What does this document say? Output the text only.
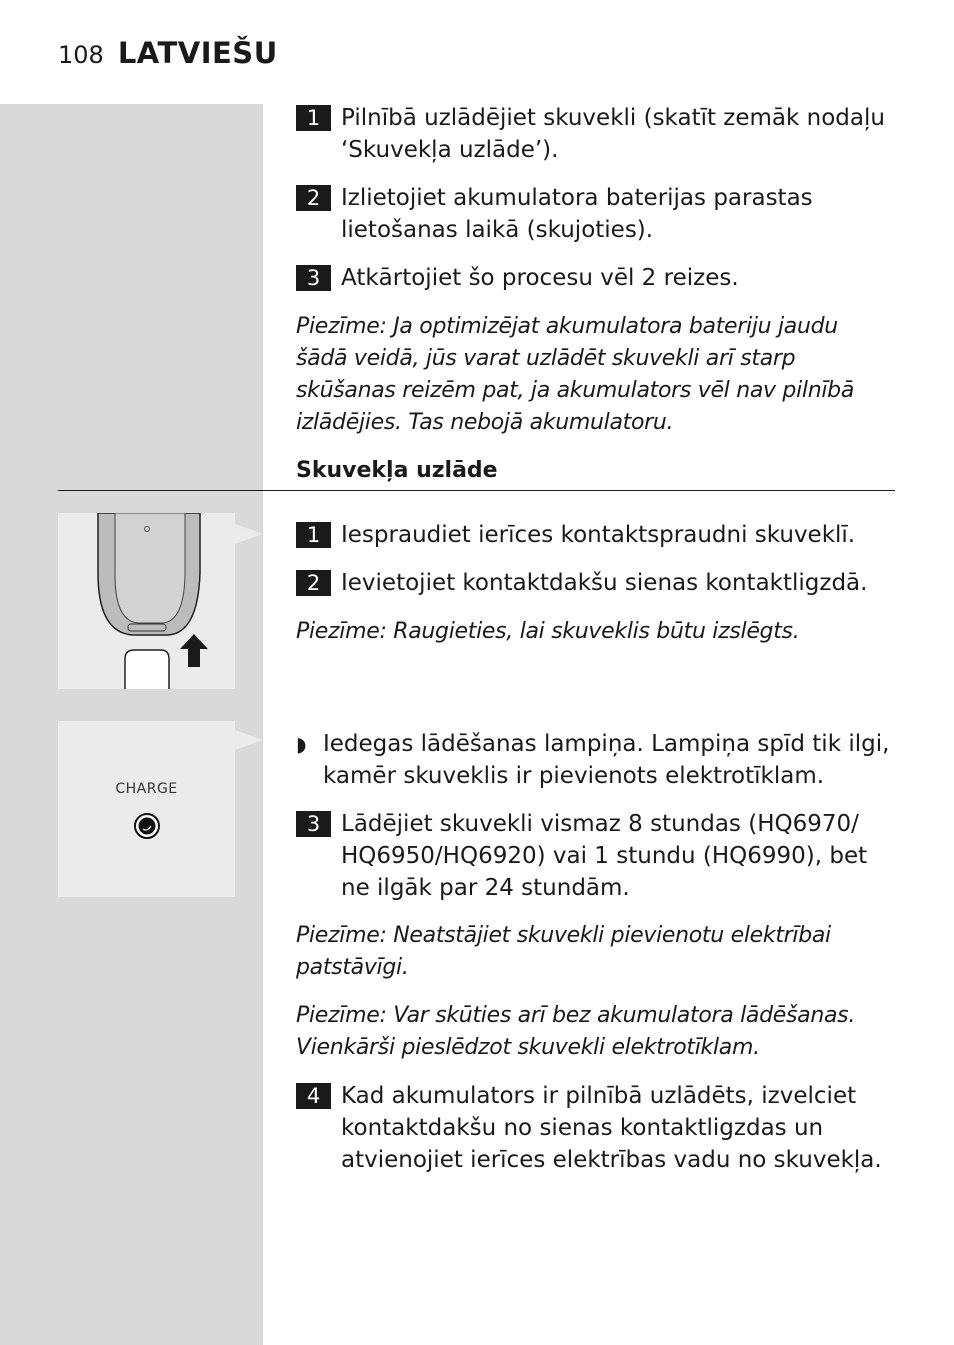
108 LATVIEŠU
1 Pilnībā uzlādējiet skuvekli (skatīt zemāk nodaļu ‘Skuvekļa uzlāde’).
2 Izlietojiet akumulatora baterijas parastas lietošanas laikā (skujoties).
3 Atkārtojiet šo procesu vēl 2 reizes.
Piezīme: Ja optimizējat akumulatora bateriju jaudu šādā veidā, jūs varat uzlādēt skuvekli arī starp skūšanas reizēm pat, ja akumulators vēl nav pilnībā izlādējies. Tas nebojā akumulatoru.
Skuvekļa uzlāde
1 Iespraudiet ierīces kontaktspraudni skuveklī.
2 Ievietojiet kontaktdakšu sienas kontaktligzdā.
Piezīme: Raugieties, lai skuveklis būtu izslēgts.
CHARGE
◗ Iedegas lādēšanas lampiņa. Lampiņa spīd tik ilgi, kamēr skuveklis ir pievienots elektrotīklam.
3 Lādējiet skuvekli vismaz 8 stundas (HQ6970/ HQ6950/HQ6920) vai 1 stundu (HQ6990), bet ne ilgāk par 24 stundām.
Piezīme: Neatstājiet skuvekli pievienotu elektrībai patstāvīgi.
Piezīme: Var skūties arī bez akumulatora lādēšanas. Vienkārši pieslēdzot skuvekli elektrotīklam.
4 Kad akumulators ir pilnībā uzlādēts, izvelciet kontaktdakšu no sienas kontaktligzdas un atvienojiet ierīces elektrības vadu no skuvekļa.
